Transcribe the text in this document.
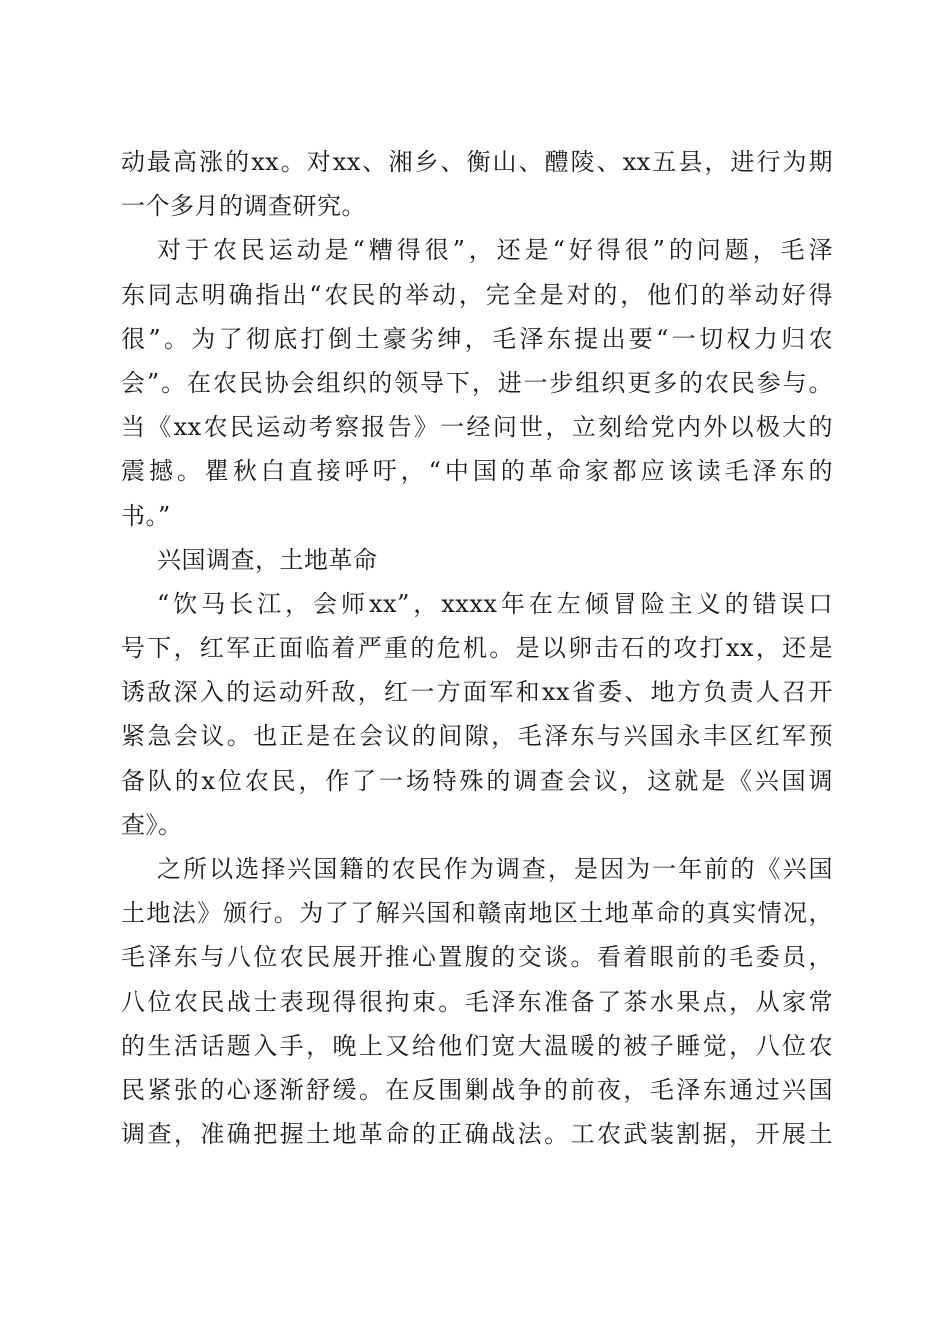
动最高涨的xx。对xx、湘乡、衡山、醴陵、xx五县，进行为期
一个多月的调查研究。
对于农民运动是“糟得很”，还是“好得很”的问题，毛泽
东同志明确指出“农民的举动，完全是对的，他们的举动好得
很”。为了彻底打倒土豪劣绅，毛泽东提出要“一切权力归农
会”。在农民协会组织的领导下，进一步组织更多的农民参与。
当《xx农民运动考察报告》一经问世，立刻给党内外以极大的
震撼。瞿秋白直接呼吁，“中国的革命家都应该读毛泽东的
书。”
兴国调查，土地革命
“饮马长江，会师xx”，xxxx年在左倾冒险主义的错误口
号下，红军正面临着严重的危机。是以卵击石的攻打xx，还是
诱敌深入的运动歼敌，红一方面军和xx省委、地方负责人召开
紧急会议。也正是在会议的间隙，毛泽东与兴国永丰区红军预
备队的x位农民，作了一场特殊的调查会议，这就是《兴国调
查》。
之所以选择兴国籍的农民作为调查，是因为一年前的《兴国
土地法》颁行。为了了解兴国和赣南地区土地革命的真实情况，
毛泽东与八位农民展开推心置腹的交谈。看着眼前的毛委员，
八位农民战士表现得很拘束。毛泽东准备了茶水果点，从家常
的生活话题入手，晚上又给他们宽大温暖的被子睡觉，八位农
民紧张的心逐渐舒缓。在反围剿战争的前夜，毛泽东通过兴国
调查，准确把握土地革命的正确战法。工农武装割据，开展土
